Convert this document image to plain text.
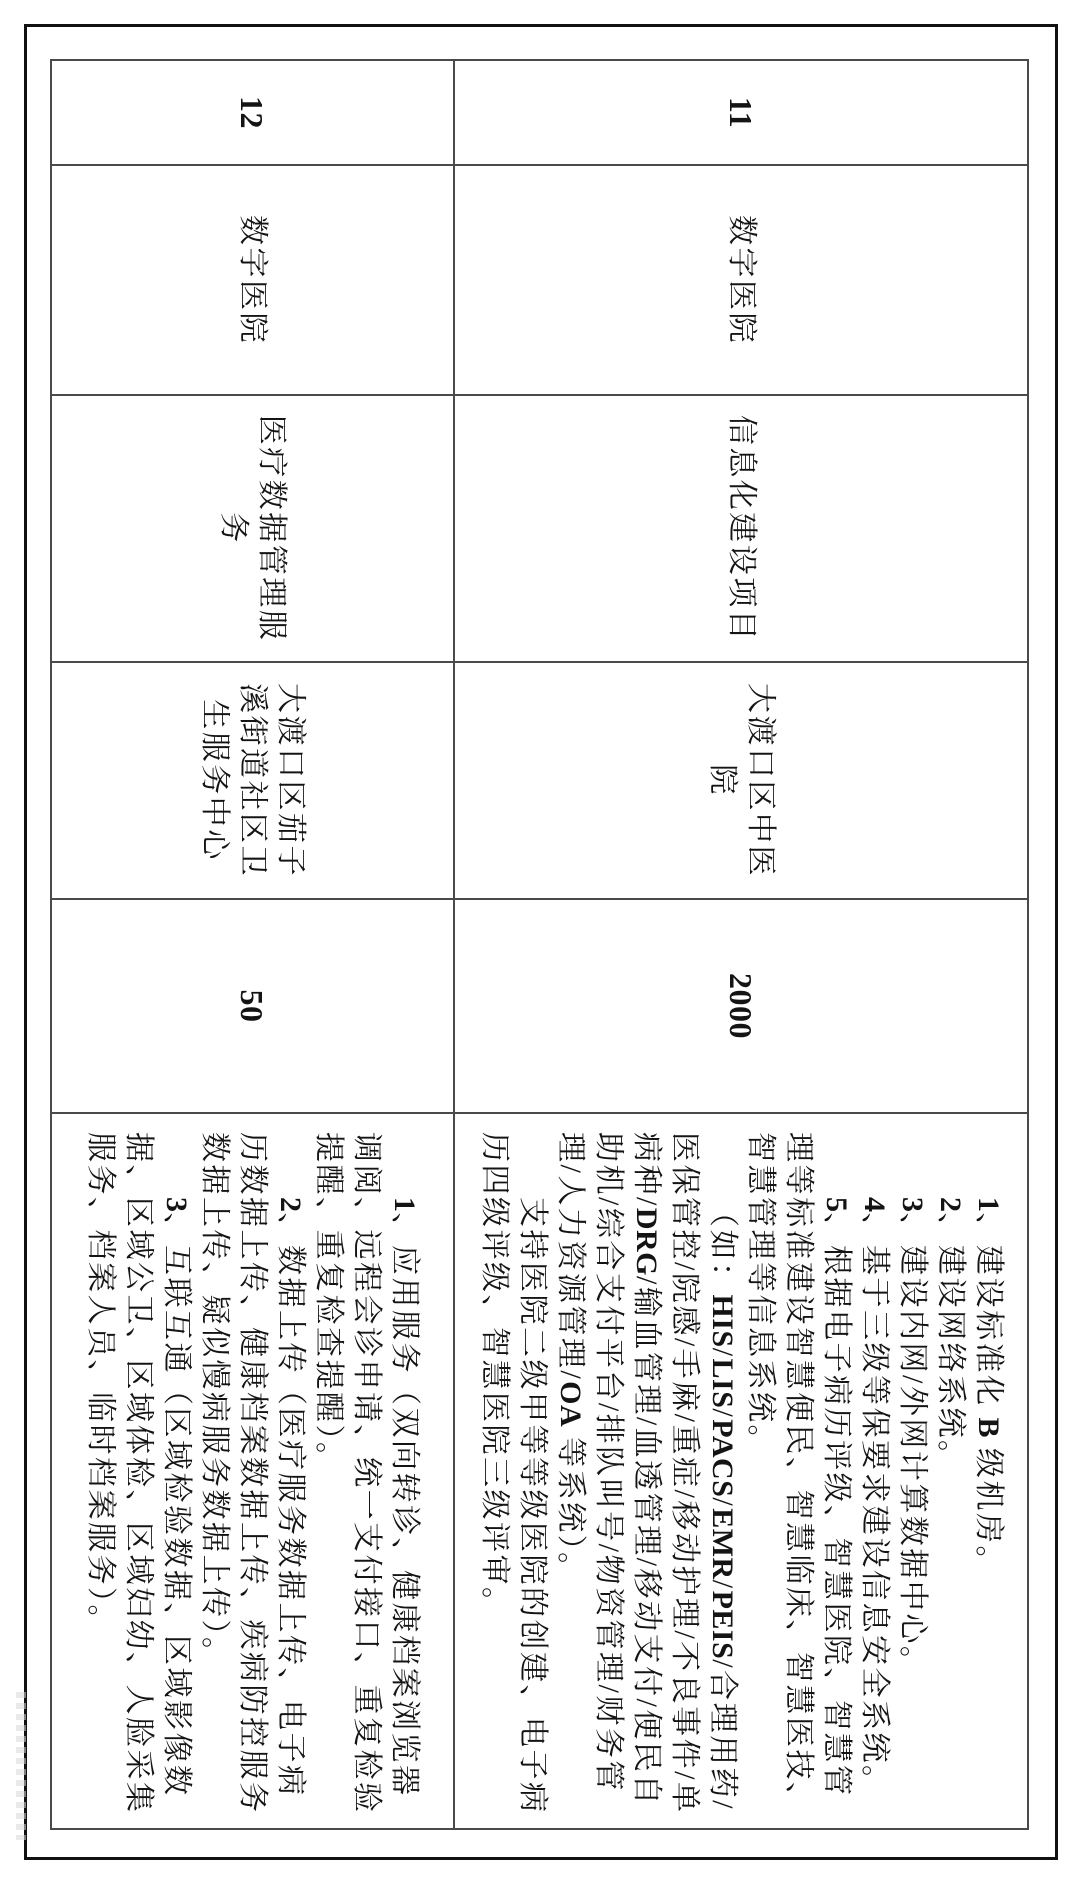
11	数字医院	信息化建设项目	大渡口区中医院	2000	
1、建设标准化 B 级机房。
2、建设网络系统。
3、建设内网/外网计算数据中心。
4、基于三级等保要求建设信息安全系统。
5、根据电子病历评级、智慧医院、智慧管
理等标准建设智慧便民、智慧临床、智慧医技、
智慧管理等信息系统。
（如：HIS/LIS/PACS/EMR/PEIS/合理用药/
医保管控/院感/手麻/重症/移动护理/不良事件/单
病种/DRG/输血管理/血透管理/移动支付/便民自
助机/综合支付平台/排队叫号/物资管理/财务管
理/人力资源管理/OA 等系统）。
支持医院二级甲等等级医院的创建、电子病
历四级评级、智慧医院三级评审。

12	数字医院	医疗数据管理服务	大渡口区茄子溪街道社区卫生服务中心	50	
1、应用服务（双向转诊、健康档案浏览器
调阅、远程会诊申请、统一支付接口、重复检验
提醒、重复检查提醒）。
2、数据上传（医疗服务数据上传、电子病
历数据上传、健康档案数据上传、疾病防控服务
数据上传、疑似慢病服务数据上传）。
3、互联互通（区域检验数据、区域影像数
据、区域公卫、区域体检、区域妇幼、人脸采集
服务、档案人员、临时档案服务）。
